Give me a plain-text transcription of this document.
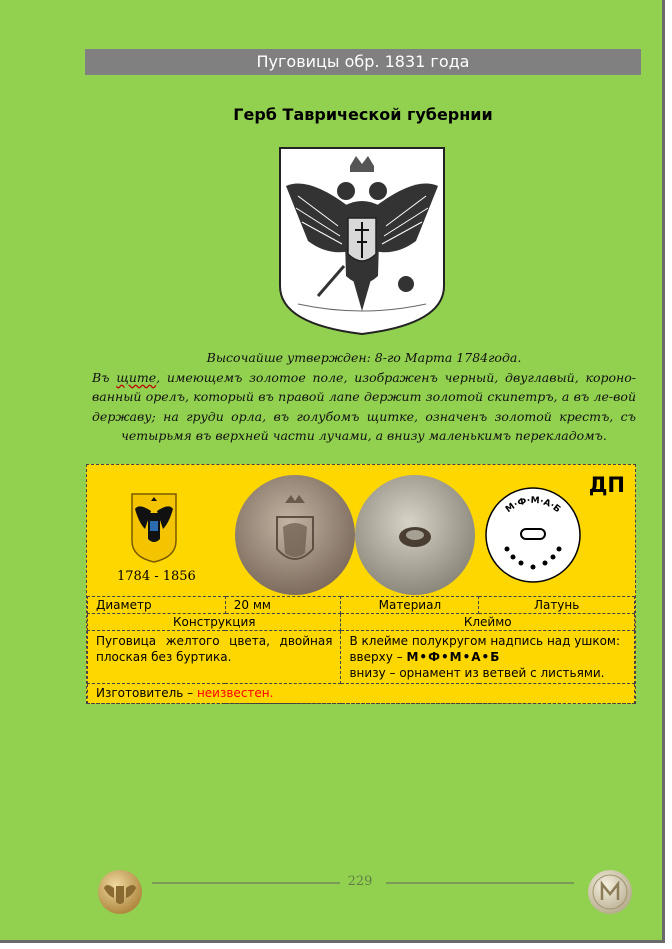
Пуговицы обр. 1831 года
Герб Таврической губернии
Высочайше утвержден: 8-го Марта 1784года.
Въ щите, имеющемъ золотое поле, изображенъ черный, двуглавый, короно-ванный орелъ, который въ правой лапе держит золотой скипетръ, а въ ле-вой державу; на груди орла, въ голубомъ щитке, означенъ золотой крестъ, съ четырьмя въ верхней части лучами, а внизу маленькимъ перекладомъ.
1784 - 1856
М·Ф·М·А·Б
ДП
Диаметр	20 мм	Материал	Латунь
Конструкция		Клеймо	
Пуговица желтого цвета, двойная плоская без буртика.		В клейме полукругом надпись над ушком:
вверху – М•Ф•М•А•Б
внизу – орнамент из ветвей с листьями.	

Изготовитель – неизвестен.			
229
